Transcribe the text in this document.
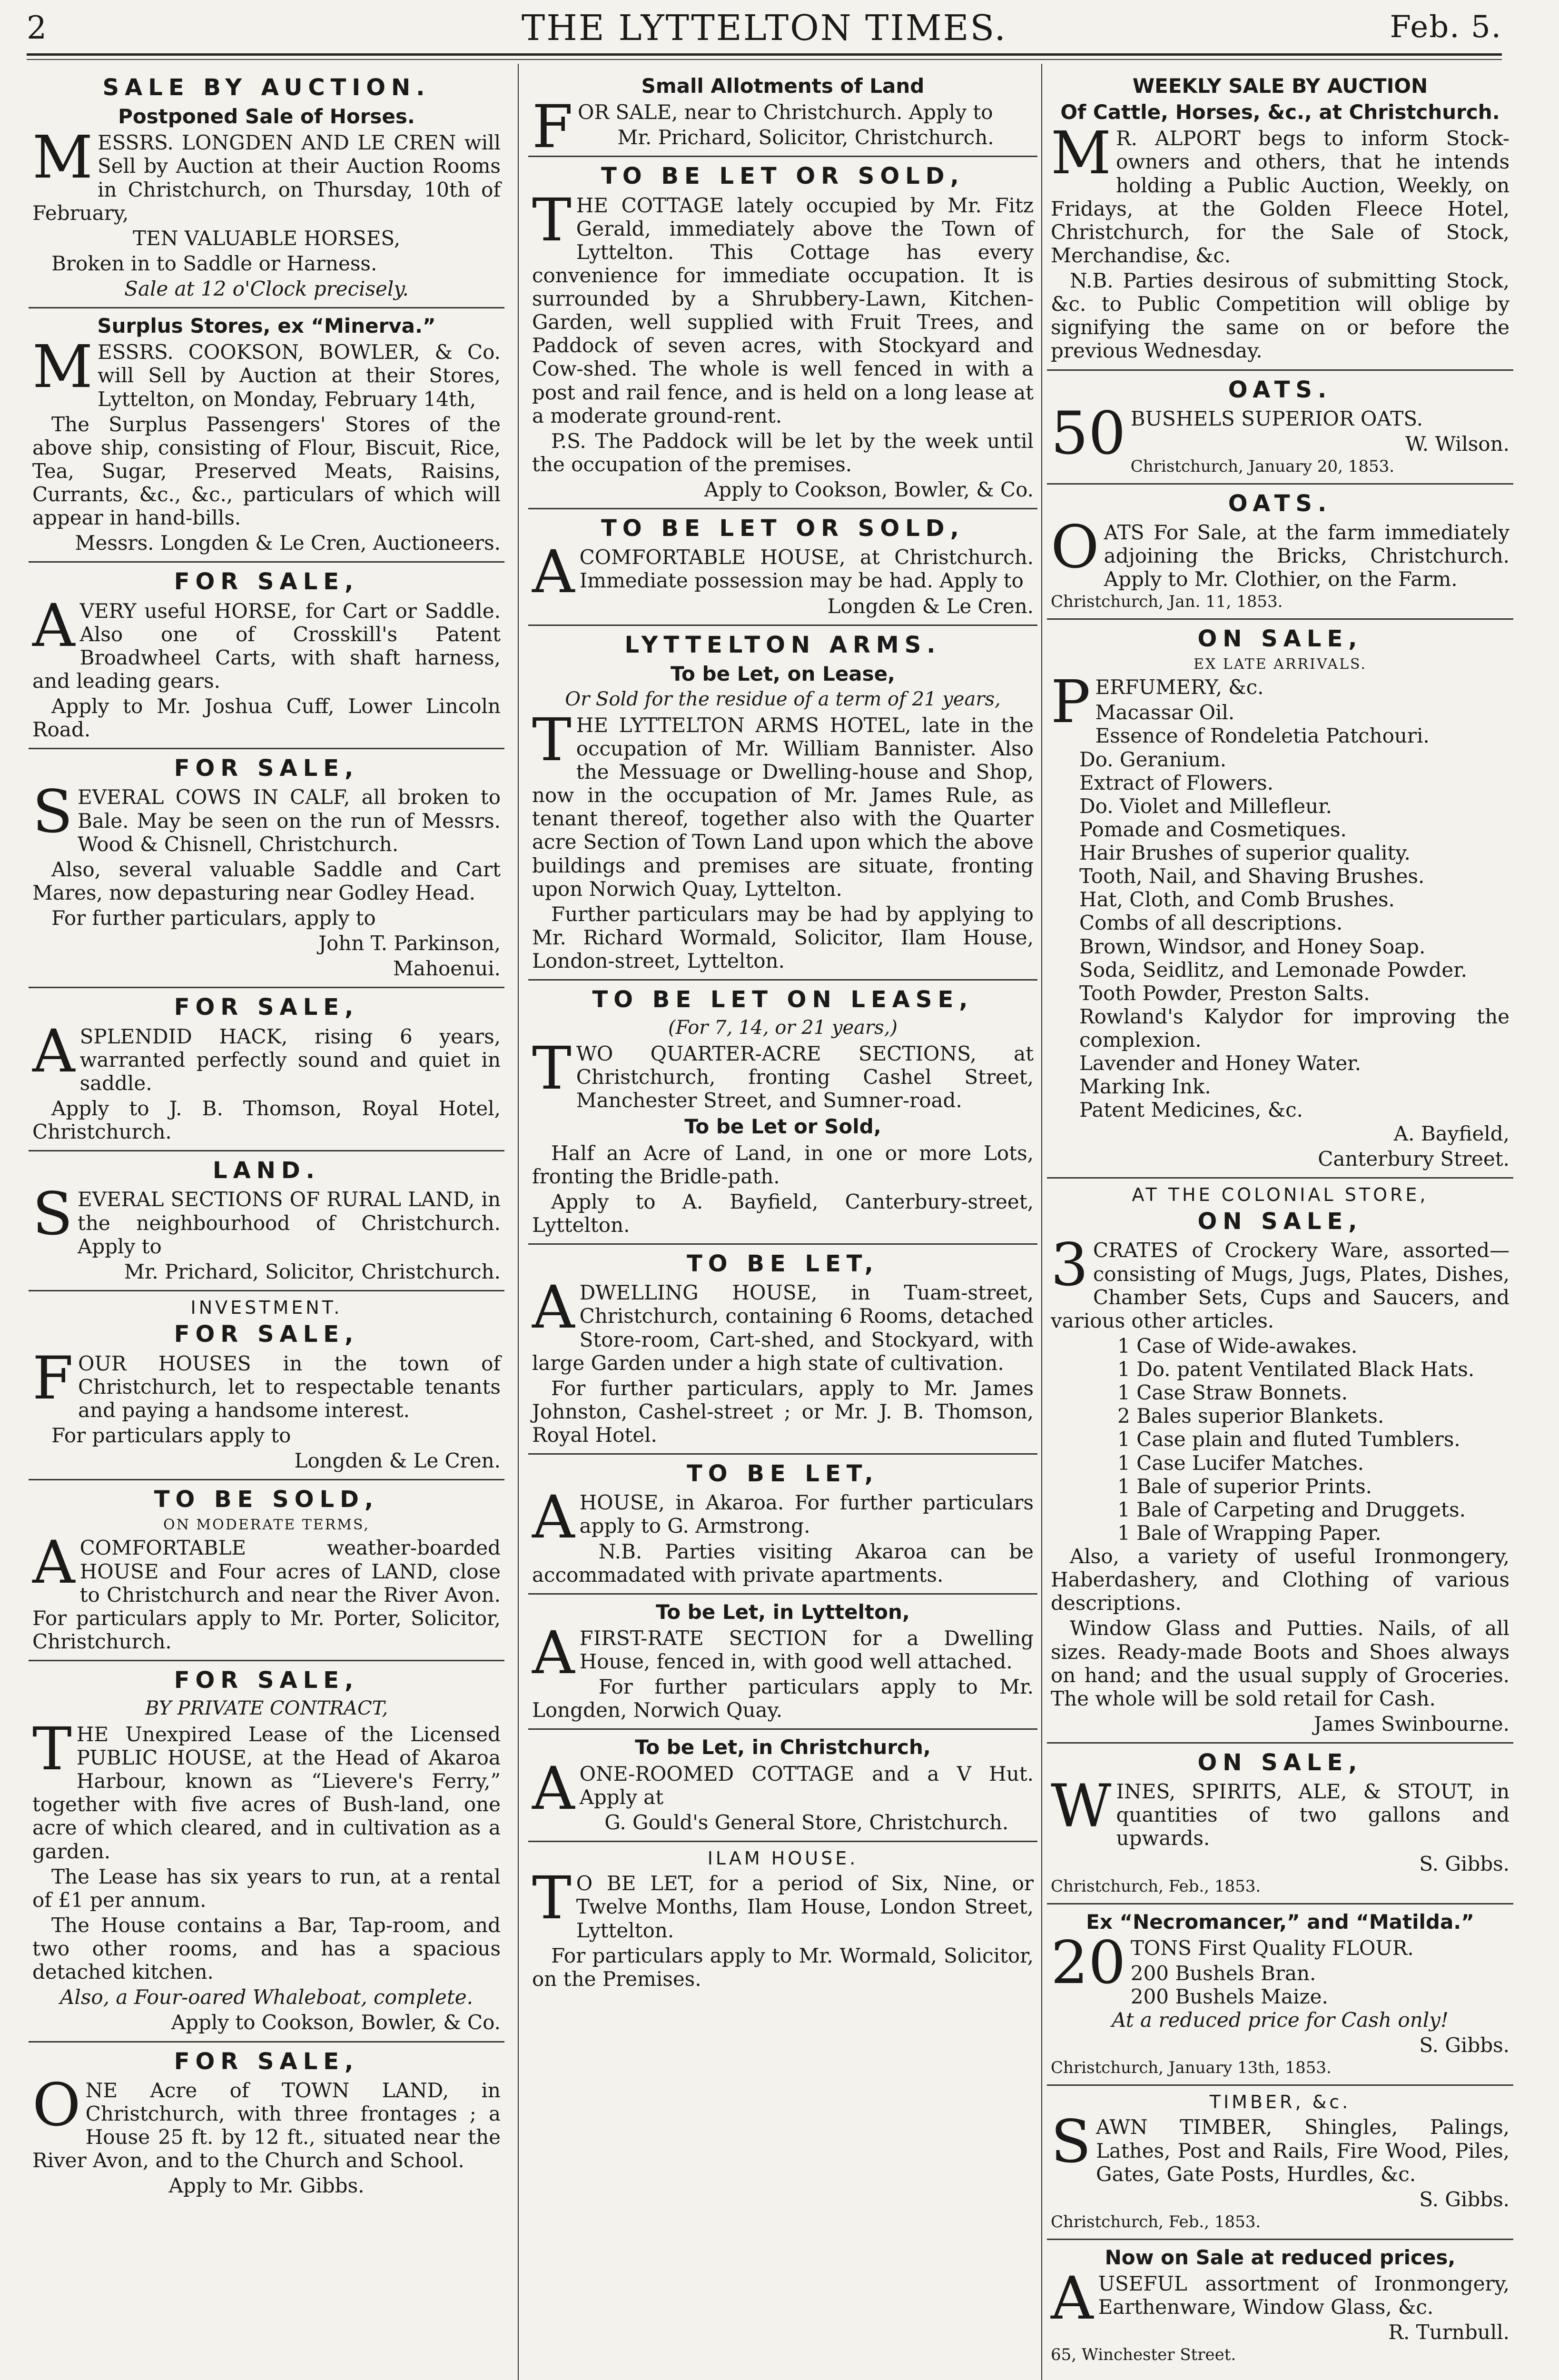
2	THE LYTTELTON TIMES.	Feb. 5.
SALE BY AUCTION.
Postponed Sale of Horses.

MESSRS. LONGDEN AND LE CREN will Sell by Auction at their Auction Rooms in Christchurch, on Thursday, 10th of February,

TEN VALUABLE HORSES,

Broken in to Saddle or Harness.

Sale at 12 o'Clock precisely.

Surplus Stores, ex “Minerva.”

MESSRS. COOKSON, BOWLER, & Co. will Sell by Auction at their Stores, Lyttelton, on Monday, February 14th,

The Surplus Passengers' Stores of the above ship, consisting of Flour, Biscuit, Rice, Tea, Sugar, Preserved Meats, Raisins, Currants, &c., &c., particulars of which will appear in hand-bills.

Messrs. Longden & Le Cren, Auctioneers.

FOR SALE,

AVERY useful HORSE, for Cart or Saddle. Also one of Crosskill's Patent Broadwheel Carts, with shaft harness, and leading gears.

Apply to Mr. Joshua Cuff, Lower Lincoln Road.

FOR SALE,

SEVERAL COWS IN CALF, all broken to Bale. May be seen on the run of Messrs. Wood & Chisnell, Christchurch.

Also, several valuable Saddle and Cart Mares, now depasturing near Godley Head.

For further particulars, apply to

John T. Parkinson,

Mahoenui.

FOR SALE,

ASPLENDID HACK, rising 6 years, warranted perfectly sound and quiet in saddle.

Apply to J. B. Thomson, Royal Hotel, Christchurch.

LAND.

SEVERAL SECTIONS OF RURAL LAND, in the neighbourhood of Christchurch. Apply to

Mr. Prichard, Solicitor, Christchurch.

INVESTMENT.
FOR SALE,

FOUR HOUSES in the town of Christchurch, let to respectable tenants and paying a handsome interest.

For particulars apply to

Longden & Le Cren.

TO BE SOLD,
ON MODERATE TERMS,

ACOMFORTABLE weather-boarded HOUSE and Four acres of LAND, close to Christchurch and near the River Avon. For particulars apply to Mr. Porter, Solicitor, Christchurch.

FOR SALE,
BY PRIVATE CONTRACT,

THE Unexpired Lease of the Licensed PUBLIC HOUSE, at the Head of Akaroa Harbour, known as “Lievere's Ferry,” together with five acres of Bush-land, one acre of which cleared, and in cultivation as a garden.

The Lease has six years to run, at a rental of £1 per annum.

The House contains a Bar, Tap-room, and two other rooms, and has a spacious detached kitchen.

Also, a Four-oared Whaleboat, complete.

Apply to Cookson, Bowler, & Co.

FOR SALE,

ONE Acre of TOWN LAND, in Christchurch, with three frontages ; a House 25 ft. by 12 ft., situated near the River Avon, and to the Church and School.

Apply to Mr. Gibbs.

Small Allotments of Land

FOR SALE, near to Christchurch. Apply to

Mr. Prichard, Solicitor, Christchurch.

TO BE LET OR SOLD,

THE COTTAGE lately occupied by Mr. Fitz Gerald, immediately above the Town of Lyttelton. This Cottage has every convenience for immediate occupation. It is surrounded by a Shrubbery-Lawn, Kitchen-Garden, well supplied with Fruit Trees, and Paddock of seven acres, with Stockyard and Cow-shed. The whole is well fenced in with a post and rail fence, and is held on a long lease at a moderate ground-rent.

P.S. The Paddock will be let by the week until the occupation of the premises.

Apply to Cookson, Bowler, & Co.

TO BE LET OR SOLD,

ACOMFORTABLE HOUSE, at Christchurch. Immediate possession may be had. Apply to

Longden & Le Cren.

LYTTELTON ARMS.
To be Let, on Lease,
Or Sold for the residue of a term of 21 years,

THE LYTTELTON ARMS HOTEL, late in the occupation of Mr. William Bannister. Also the Messuage or Dwelling-house and Shop, now in the occupation of Mr. James Rule, as tenant thereof, together also with the Quarter acre Section of Town Land upon which the above buildings and premises are situate, fronting upon Norwich Quay, Lyttelton.

Further particulars may be had by applying to Mr. Richard Wormald, Solicitor, Ilam House, London-street, Lyttelton.

TO BE LET ON LEASE,
(For 7, 14, or 21 years,)

TWO QUARTER-ACRE SECTIONS, at Christchurch, fronting Cashel Street, Manchester Street, and Sumner-road.

To be Let or Sold,

Half an Acre of Land, in one or more Lots, fronting the Bridle-path.

Apply to A. Bayfield, Canterbury-street, Lyttelton.

TO BE LET,

ADWELLING HOUSE, in Tuam-street, Christchurch, containing 6 Rooms, detached Store-room, Cart-shed, and Stockyard, with large Garden under a high state of cultivation.

For further particulars, apply to Mr. James Johnston, Cashel-street ; or Mr. J. B. Thomson, Royal Hotel.

TO BE LET,

AHOUSE, in Akaroa. For further particulars apply to G. Armstrong.

N.B. Parties visiting Akaroa can be accommadated with private apartments.

To be Let, in Lyttelton,

AFIRST-RATE SECTION for a Dwelling House, fenced in, with good well attached.

For further particulars apply to Mr. Longden, Norwich Quay.

To be Let, in Christchurch,

AONE-ROOMED COTTAGE and a V Hut. Apply at

G. Gould's General Store, Christchurch.

ILAM HOUSE.

T O BE LET, for a period of Six, Nine, or Twelve Months, Ilam House, London Street, Lyttelton.

For particulars apply to Mr. Wormald, Solicitor, on the Premises.

WEEKLY SALE BY AUCTION
Of Cattle, Horses, &c., at Christchurch.

M R. ALPORT begs to inform Stock-owners and others, that he intends holding a Public Auction, Weekly, on Fridays, at the Golden Fleece Hotel, Christchurch, for the Sale of Stock, Merchandise, &c.

N.B. Parties desirous of submitting Stock, &c. to Public Competition will oblige by signifying the same on or before the previous Wednesday.

OATS.

50 BUSHELS SUPERIOR OATS.

W. Wilson.

Christchurch, January 20, 1853.

OATS.

OATS For Sale, at the farm immediately adjoining the Bricks, Christchurch. Apply to Mr. Clothier, on the Farm.

Christchurch, Jan. 11, 1853.

ON SALE,
EX LATE ARRIVALS.

PERFUMERY, &c.

Macassar Oil.

Essence of Rondeletia Patchouri.

Do. Geranium.

Extract of Flowers.

Do. Violet and Millefleur.

Pomade and Cosmetiques.

Hair Brushes of superior quality.

Tooth, Nail, and Shaving Brushes.

Hat, Cloth, and Comb Brushes.

Combs of all descriptions.

Brown, Windsor, and Honey Soap.

Soda, Seidlitz, and Lemonade Powder.

Tooth Powder, Preston Salts.

Rowland's Kalydor for improving the complexion.

Lavender and Honey Water.

Marking Ink.

Patent Medicines, &c.

A. Bayfield,

Canterbury Street.

AT THE COLONIAL STORE,
ON SALE,

3 CRATES of Crockery Ware, assorted—consisting of Mugs, Jugs, Plates, Dishes, Chamber Sets, Cups and Saucers, and various other articles.

1 Case of Wide-awakes.

1 Do. patent Ventilated Black Hats.

1 Case Straw Bonnets.

2 Bales superior Blankets.

1 Case plain and fluted Tumblers.

1 Case Lucifer Matches.

1 Bale of superior Prints.

1 Bale of Carpeting and Druggets.

1 Bale of Wrapping Paper.

Also, a variety of useful Ironmongery, Haberdashery, and Clothing of various descriptions.

Window Glass and Putties. Nails, of all sizes. Ready-made Boots and Shoes always on hand; and the usual supply of Groceries. The whole will be sold retail for Cash.

James Swinbourne.

ON SALE,

WINES, SPIRITS, ALE, & STOUT, in quantities of two gallons and upwards.

S. Gibbs.

Christchurch, Feb., 1853.

Ex “Necromancer,” and “Matilda.”

20 TONS First Quality FLOUR.

200 Bushels Bran.

200 Bushels Maize.

At a reduced price for Cash only!

S. Gibbs.

Christchurch, January 13th, 1853.

TIMBER, &c.

SAWN TIMBER, Shingles, Palings, Lathes, Post and Rails, Fire Wood, Piles, Gates, Gate Posts, Hurdles, &c.

S. Gibbs.

Christchurch, Feb., 1853.

Now on Sale at reduced prices,

AUSEFUL assortment of Ironmongery, Earthenware, Window Glass, &c.

R. Turnbull.

65, Winchester Street.
